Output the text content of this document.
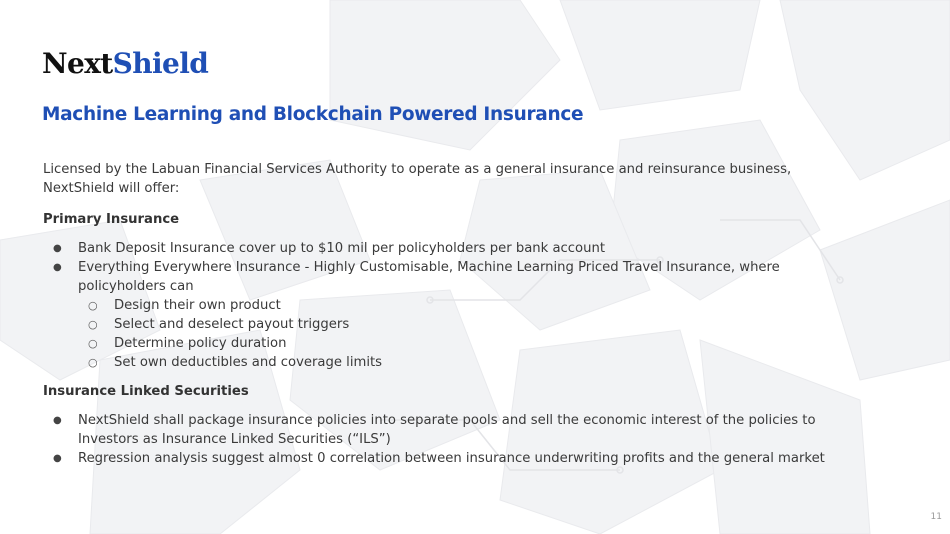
NextShield
Machine Learning and Blockchain Powered Insurance

Licensed by the Labuan Financial Services Authority to operate as a general insurance and reinsurance business, NextShield will offer:

Primary Insurance
● Bank Deposit Insurance cover up to $10 mil per policyholders per bank account
● Everything Everywhere Insurance - Highly Customisable, Machine Learning Priced Travel Insurance, where policyholders can
○ Design their own product
○ Select and deselect payout triggers
○ Determine policy duration
○ Set own deductibles and coverage limits
Insurance Linked Securities
● NextShield shall package insurance policies into separate pools and sell the economic interest of the policies to Investors as Insurance Linked Securities (“ILS”)
● Regression analysis suggest almost 0 correlation between insurance underwriting profits and the general market
11
